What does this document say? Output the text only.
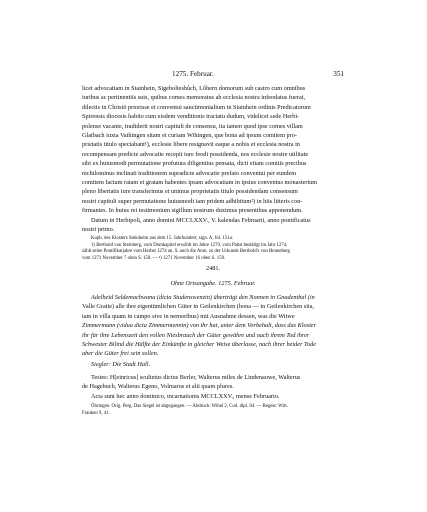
1275. Februar.	351

licet advocatiam in Stainhein, Sigeboltesbůch, Lôhern domorum sub castro cum omnibus

iuribus ac pertinentiis suis, quibus comes memoratus ab ecclesia nostra infeodatus fuerat,

dilectis in Christō priorisse et conventui sanctimonialium in Stainhein ordinis Predicatorum

Spirensis diocesis habito cum eisdem venditionis tractatu dudum, videlicet sede Herbi-

polense vacante, tradiderit nostri capituli de consensu, ita tamen quod ipse comes villam

Glatbach iuxta Vaihingen sitam et curiam Wihingen, que bona ad ipsum comitem pro-

prietatis titulo spectabant¹), ecclesie libere resignavit eaque a nobis et ecclesia nostra in

recompensam predicte advocatie recepit iure feodi possidenda, nos ecclesie nostre utilitate

sibi ex huiusmodi permutatione profutura diligentius pensata, dicti etiam comitis precibus

nichilominus inclinati traditionem supradicte advocatie prefato conventui per eundem

comitem factam ratam et gratam habentes ipsam advocatiam in ipsius conventus monasterium

pleno libertatis iure transferimus et unimus proprietatis titulo possidendam consensum

nostri capituli super permutatione huiusmodi iam pridem adhibitum²) in hiis litteris con-

firmantes. In huius rei testimonium sigillum nostrum duximus presentibus apponendum.

Datum in Herbipoli, anno domini MCCLXXV., V. kalendas Februarii, anno pontificatus

nostri primo.

Kopb. des Klosters Steinheim aus dem 15. Jahrhundert, sign. A, fol. 151a.

1) Berthold von Sternberg, vom Domkapitel erwählt im Jahre 1270, vom Pabst bestätigt im Jahr 1274,

zählt seine Pontifikatjahre vom Herbst 1274 an. S. auch die Anm. zu der Urkunde Berthold's von Henneberg

vom 1271 November 7 oben S. 158. — ²) 1271 November 16 oben S. 159.

2481.

Ohne Ortsangabe. 1275. Februar.

Adelheid Seldemachwana (dicta Studenswenzin) überträgt den Nonnen in Gnadenthal (in

Valle Gratie) alle ihre eigentümlichen Güter in Geilenkirchen (bona — in Geilenkirchen sita,

tam in villa quam in campo sive in nemoribus) mit Ausnahme dessen, was die Witwe

Zimmermann (vidua dicta Zimmermennin) von ihr hat, unter dem Vorbehalt, dass das Kloster

ihr für ihre Lebenszeit den vollen Niesbrauch der Güter gewähre und nach ihrem Tod ihrer

Schwester Bilind die Hälfte der Einkünfte in gleicher Weise überlasse, nach ihrer beider Tode

aber die Güter frei sein sollen.

Siegler: Die Stadt Hall.

Testes: H[einricus] scultetus dictus Berler, Walterus miles de Lindenauwe, Walterus

de Hagebuch, Walterus Egeno, Volmarus et alii quam plures.

Acta sunt hec anno dominico, incarnationis MCCLXXV., mense Februario.

Öhringen. Orig. Perg. Das Siegel ist abgegangen. — Abdruck: Wibel 2, Cod. dipl. 84. — Regest: Wirt.

Franken 9, 41.
